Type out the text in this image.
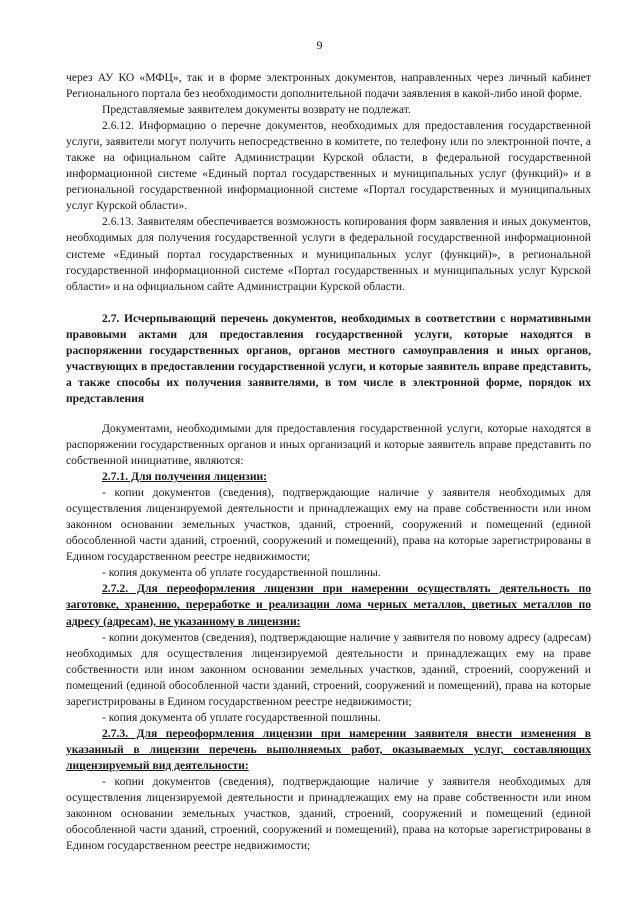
9

через АУ КО «МФЦ», так и в форме электронных документов, направленных через личный кабинет Регионального портала без необходимости дополнительной подачи заявления в какой-либо иной форме.

Представляемые заявителем документы возврату не подлежат.

2.6.12. Информацию о перечне документов, необходимых для предоставления государственной услуги, заявители могут получить непосредственно в комитете, по телефону или по электронной почте, а также на официальном сайте Администрации Курской области, в федеральной государственной информационной системе «Единый портал государственных и муниципальных услуг (функций)» и в региональной государственной информационной системе «Портал государственных и муниципальных услуг Курской области».

2.6.13. Заявителям обеспечивается возможность копирования форм заявления и иных документов, необходимых для получения государственной услуги в федеральной государственной информационной системе «Единый портал государственных и муниципальных услуг (функций)», в региональной государственной информационной системе «Портал государственных и муниципальных услуг Курской области» и на официальном сайте Администрации Курской области.

2.7. Исчерпывающий перечень документов, необходимых в соответствии с нормативными правовыми актами для предоставления государственной услуги, которые находятся в распоряжении государственных органов, органов местного самоуправления и иных органов, участвующих в предоставлении государственной услуги, и которые заявитель вправе представить, а также способы их получения заявителями, в том числе в электронной форме, порядок их представления

Документами, необходимыми для предоставления государственной услуги, которые находятся в распоряжении государственных органов и иных организаций и которые заявитель вправе представить по собственной инициативе, являются:

2.7.1. Для получения лицензии:

- копии документов (сведения), подтверждающие наличие у заявителя необходимых для осуществления лицензируемой деятельности и принадлежащих ему на праве собственности или ином законном основании земельных участков, зданий, строений, сооружений и помещений (единой обособленной части зданий, строений, сооружений и помещений), права на которые зарегистрированы в Едином государственном реестре недвижимости;

- копия документа об уплате государственной пошлины.

2.7.2. Для переоформления лицензии при намерении осуществлять деятельность по заготовке, хранению, переработке и реализации лома черных металлов, цветных металлов по адресу (адресам), не указанному в лицензии:

- копии документов (сведения), подтверждающие наличие у заявителя по новому адресу (адресам) необходимых для осуществления лицензируемой деятельности и принадлежащих ему на праве собственности или ином законном основании земельных участков, зданий, строений, сооружений и помещений (единой обособленной части зданий, строений, сооружений и помещений), права на которые зарегистрированы в Едином государственном реестре недвижимости;

- копия документа об уплате государственной пошлины.

2.7.3. Для переоформления лицензии при намерении заявителя внести изменения в указанный в лицензии перечень выполняемых работ, оказываемых услуг, составляющих лицензируемый вид деятельности:

- копии документов (сведения), подтверждающие наличие у заявителя необходимых для осуществления лицензируемой деятельности и принадлежащих ему на праве собственности или ином законном основании земельных участков, зданий, строений, сооружений и помещений (единой обособленной части зданий, строений, сооружений и помещений), права на которые зарегистрированы в Едином государственном реестре недвижимости;
